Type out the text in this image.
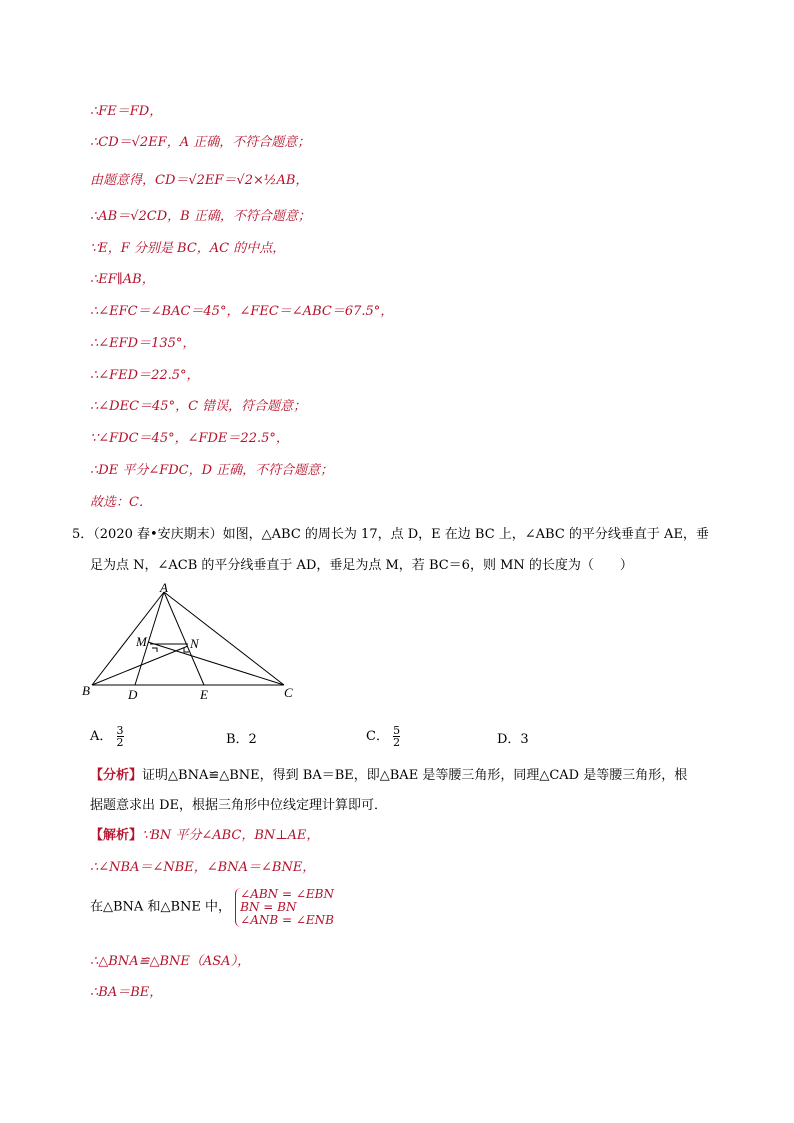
∴FE＝FD，
∴CD＝√2EF，A 正确，不符合题意；
由题意得，CD＝√2EF＝√2×½AB，
∴AB＝√2CD，B 正确，不符合题意；
∵E，F 分别是 BC，AC 的中点，
∴EF∥AB，
∴∠EFC＝∠BAC＝45°，∠FEC＝∠ABC＝67.5°，
∴∠EFD＝135°，
∴∠FED＝22.5°，
∴∠DEC＝45°，C 错误，符合题意；
∵∠FDC＝45°，∠FDE＝22.5°，
∴DE 平分∠FDC，D 正确，不符合题意；
故选：C．
5．（2020 春•安庆期末）如图，△ABC 的周长为 17，点 D，E 在边 BC 上，∠ABC 的平分线垂直于 AE，垂
足为点 N，∠ACB 的平分线垂直于 AD，垂足为点 M，若 BC＝6，则 MN 的长度为（　　）
A
B	C
D	E
M	N
A． $\frac{3}{2}$	B．2	C． $\frac{5}{2}$	D．3
【分析】证明△BNA≌△BNE，得到 BA＝BE，即△BAE 是等腰三角形，同理△CAD 是等腰三角形，根
据题意求出 DE，根据三角形中位线定理计算即可．
【解析】∵BN 平分∠ABC，BN⊥AE，
∴∠NBA＝∠NBE，∠BNA＝∠BNE，
在△BNA 和△BNE 中，
∠ABN = ∠EBN
BN = BN
∠ANB = ∠ENB
∴△BNA≌△BNE（ASA），
∴BA＝BE，
